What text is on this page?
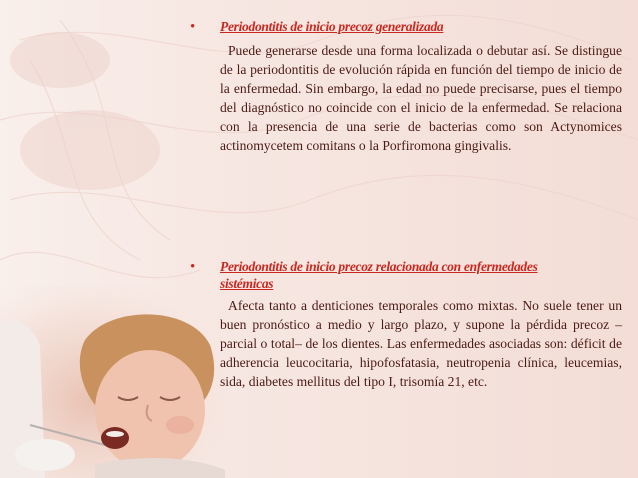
• Periodontitis de inicio precoz generalizada
Puede generarse desde una forma localizada o debutar así. Se distingue de la periodontitis de evolución rápida en función del tiempo de inicio de la enfermedad. Sin embargo, la edad no puede precisarse, pues el tiempo del diagnóstico no coincide con el inicio de la enfermedad. Se relaciona con la presencia de una serie de bacterias como son Actynomices actinomycetem comitans o la Porfiromona gingivalis.
• Periodontitis de inicio precoz relacionada con enfermedades sistémicas
Afecta tanto a denticiones temporales como mixtas. No suele tener un buen pronóstico a medio y largo plazo, y supone la pérdida precoz –parcial o total– de los dientes. Las enfermedades asociadas son: déficit de adherencia leucocitaria, hipofosfatasia, neutropenia clínica, leucemias, sida, diabetes mellitus del tipo I, trisomía 21, etc.
